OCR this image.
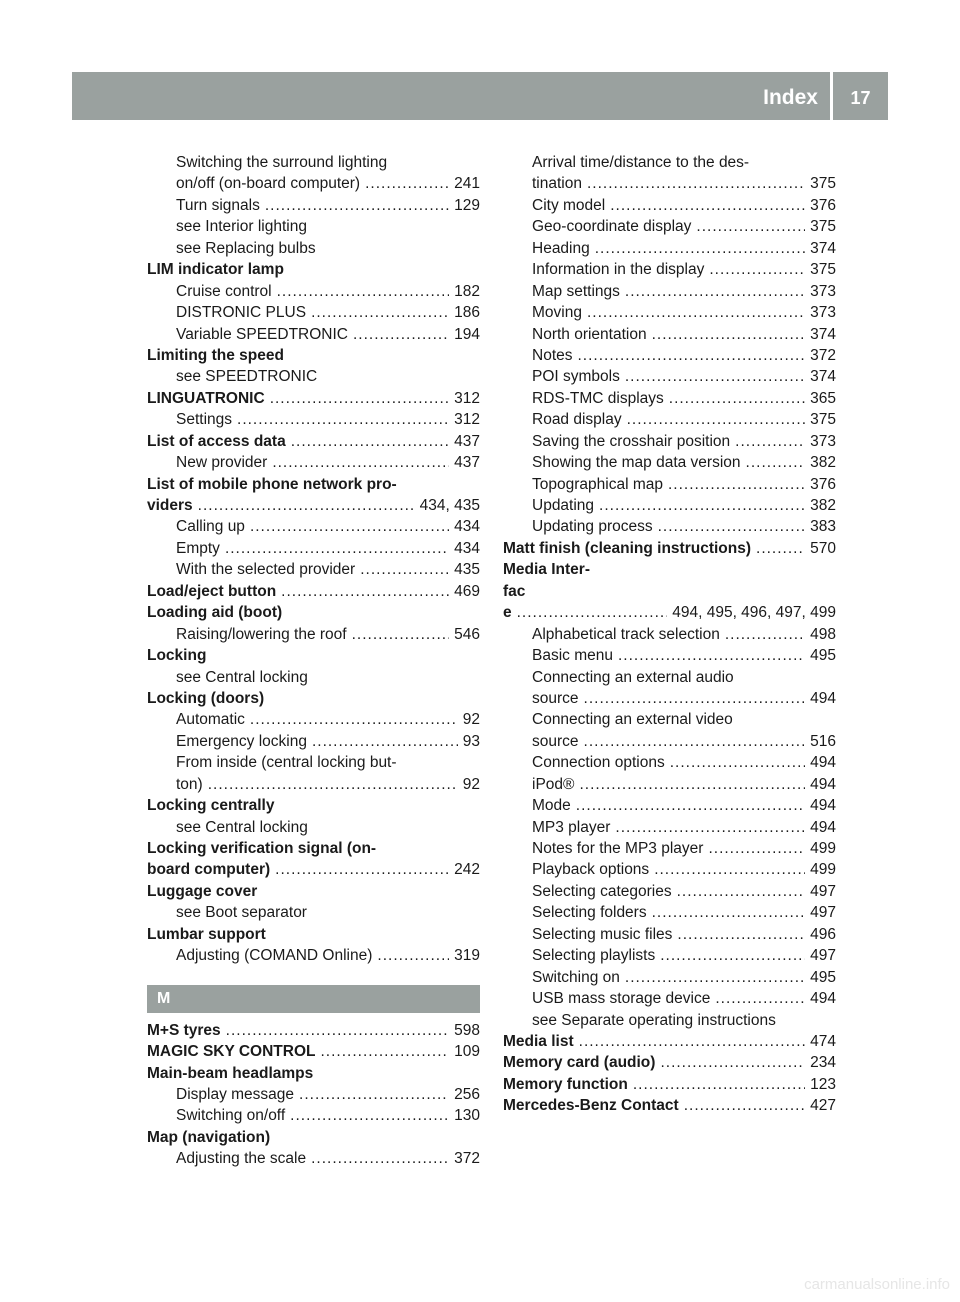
Index	17
Switching the surround lighting
on/off (on-board computer) .....	241
Turn signals .....	129
see Interior lighting
see Replacing bulbs
LIM indicator lamp
Cruise control .....	182
DISTRONIC PLUS .....	186
Variable SPEEDTRONIC .....	194
Limiting the speed
see SPEEDTRONIC
LINGUATRONIC .....	312
Settings .....	312
List of access data .....	437
New provider .....	437
List of mobile phone network pro-
viders .....	434, 435
Calling up .....	434
Empty .....	434
With the selected provider .....	435
Load/eject button .....	469
Loading aid (boot)
Raising/lowering the roof .....	546
Locking
see Central locking
Locking (doors)
Automatic .....	92
Emergency locking .....	93
From inside (central locking but-
ton) .....	92
Locking centrally
see Central locking
Locking verification signal (on-
board computer) .....	242
Luggage cover
see Boot separator
Lumbar support
Adjusting (COMAND Online) .....	319
M
M+S tyres .....	598
MAGIC SKY CONTROL .....	109
Main-beam headlamps
Display message .....	256
Switching on/off .....	130
Map (navigation)
Adjusting the scale .....	372
Arrival time/distance to the des-
tination .....	375
City model .....	376
Geo-coordinate display .....	375
Heading .....	374
Information in the display .....	375
Map settings .....	373
Moving .....	373
North orientation .....	374
Notes .....	372
POI symbols .....	374
RDS-TMC displays .....	365
Road display .....	375
Saving the crosshair position .....	373
Showing the map data version .....	382
Topographical map .....	376
Updating .....	382
Updating process .....	383
Matt finish (cleaning instructions) .....	570
Media Inter-
fac
e .....	494, 495, 496, 497, 499
Alphabetical track selection .....	498
Basic menu .....	495
Connecting an external audio
source .....	494
Connecting an external video
source .....	516
Connection options .....	494
iPod® .....	494
Mode .....	494
MP3 player .....	494
Notes for the MP3 player .....	499
Playback options .....	499
Selecting categories .....	497
Selecting folders .....	497
Selecting music files .....	496
Selecting playlists .....	497
Switching on .....	495
USB mass storage device .....	494
see Separate operating instructions
Media list .....	474
Memory card (audio) .....	234
Memory function .....	123
Mercedes-Benz Contact .....	427
carmanualsonline.info
